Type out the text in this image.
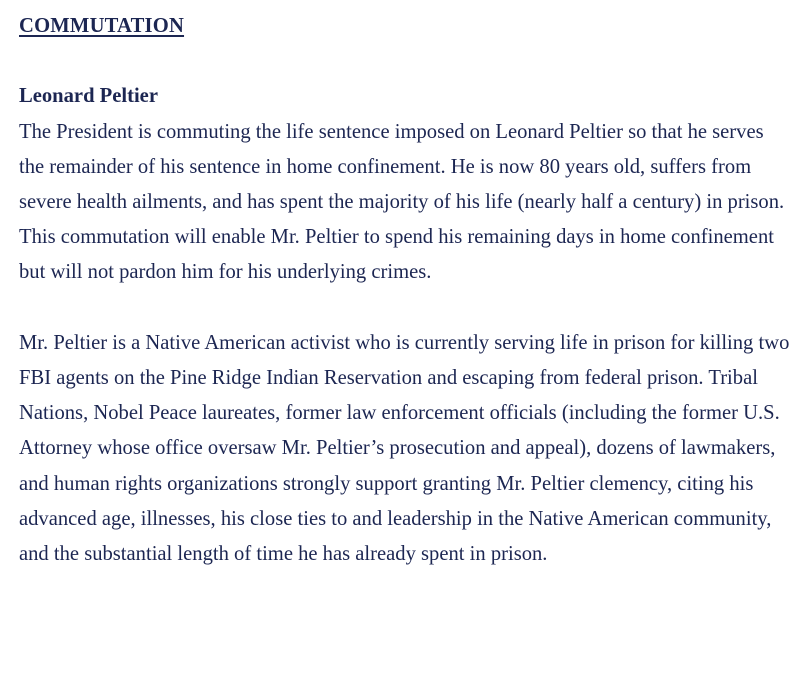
COMMUTATION

Leonard Peltier

The President is commuting the life sentence imposed on Leonard Peltier so that he serves the remainder of his sentence in home confinement. He is now 80 years old, suffers from severe health ailments, and has spent the majority of his life (nearly half a century) in prison. This commutation will enable Mr. Peltier to spend his remaining days in home confinement but will not pardon him for his underlying crimes.

Mr. Peltier is a Native American activist who is currently serving life in prison for killing two FBI agents on the Pine Ridge Indian Reservation and escaping from federal prison. Tribal Nations, Nobel Peace laureates, former law enforcement officials (including the former U.S. Attorney whose office oversaw Mr. Peltier’s prosecution and appeal), dozens of lawmakers, and human rights organizations strongly support granting Mr. Peltier clemency, citing his advanced age, illnesses, his close ties to and leadership in the Native American community, and the substantial length of time he has already spent in prison.
